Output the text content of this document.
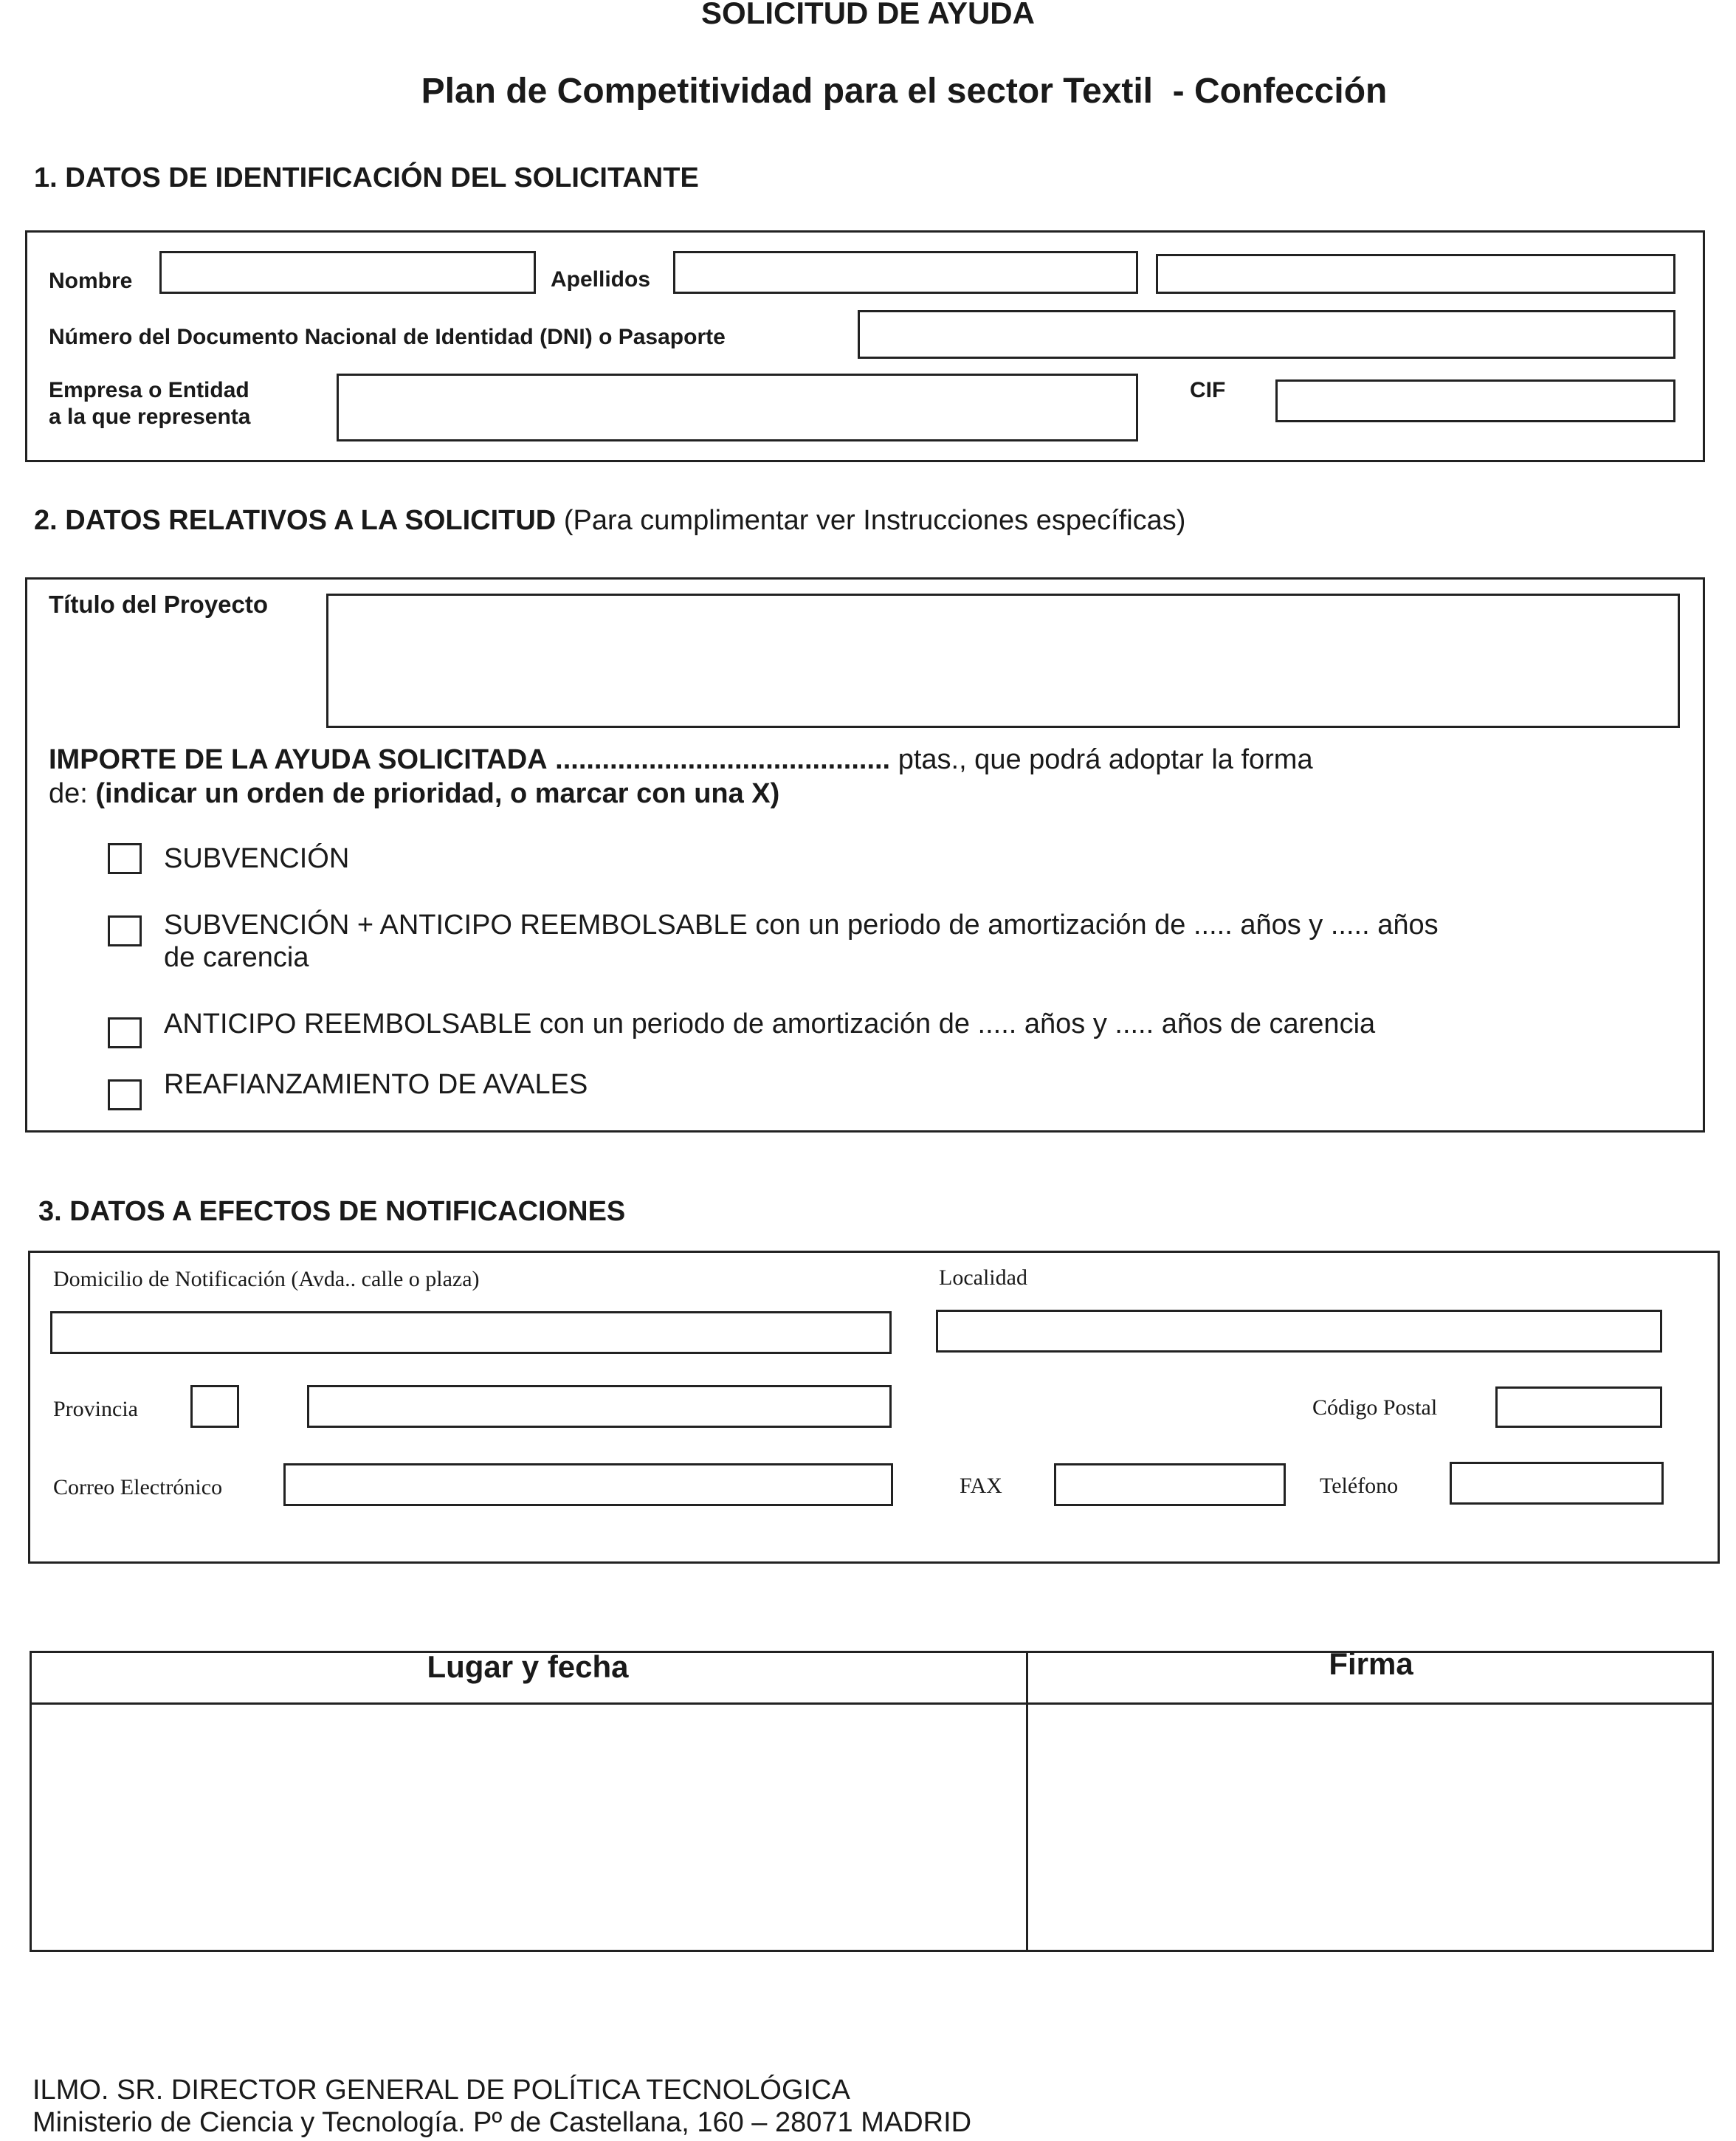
SOLICITUD DE AYUDA
Plan de Competitividad para el sector Textil  - Confección
1. DATOS DE IDENTIFICACIÓN DEL SOLICITANTE
Nombre	Apellidos
Número del Documento Nacional de Identidad (DNI) o Pasaporte
Empresa o Entidad
a la que representa
CIF
2. DATOS RELATIVOS A LA SOLICITUD (Para cumplimentar ver Instrucciones específicas)
Título del Proyecto
IMPORTE DE LA AYUDA SOLICITADA ........................................... ptas., que podrá adoptar la forma
de: (indicar un orden de prioridad, o marcar con una X)
SUBVENCIÓN
SUBVENCIÓN + ANTICIPO REEMBOLSABLE con un periodo de amortización de ..... años y ..... años
de carencia
ANTICIPO REEMBOLSABLE con un periodo de amortización de ..... años y ..... años de carencia
REAFIANZAMIENTO DE AVALES
3. DATOS A EFECTOS DE NOTIFICACIONES
Domicilio de Notificación (Avda.. calle o plaza)	Localidad
Provincia	Código Postal
Correo Electrónico	FAX	Teléfono
Lugar y fecha	Firma
ILMO. SR. DIRECTOR GENERAL DE POLÍTICA TECNOLÓGICA
Ministerio de Ciencia y Tecnología. Pº de Castellana, 160 – 28071 MADRID
